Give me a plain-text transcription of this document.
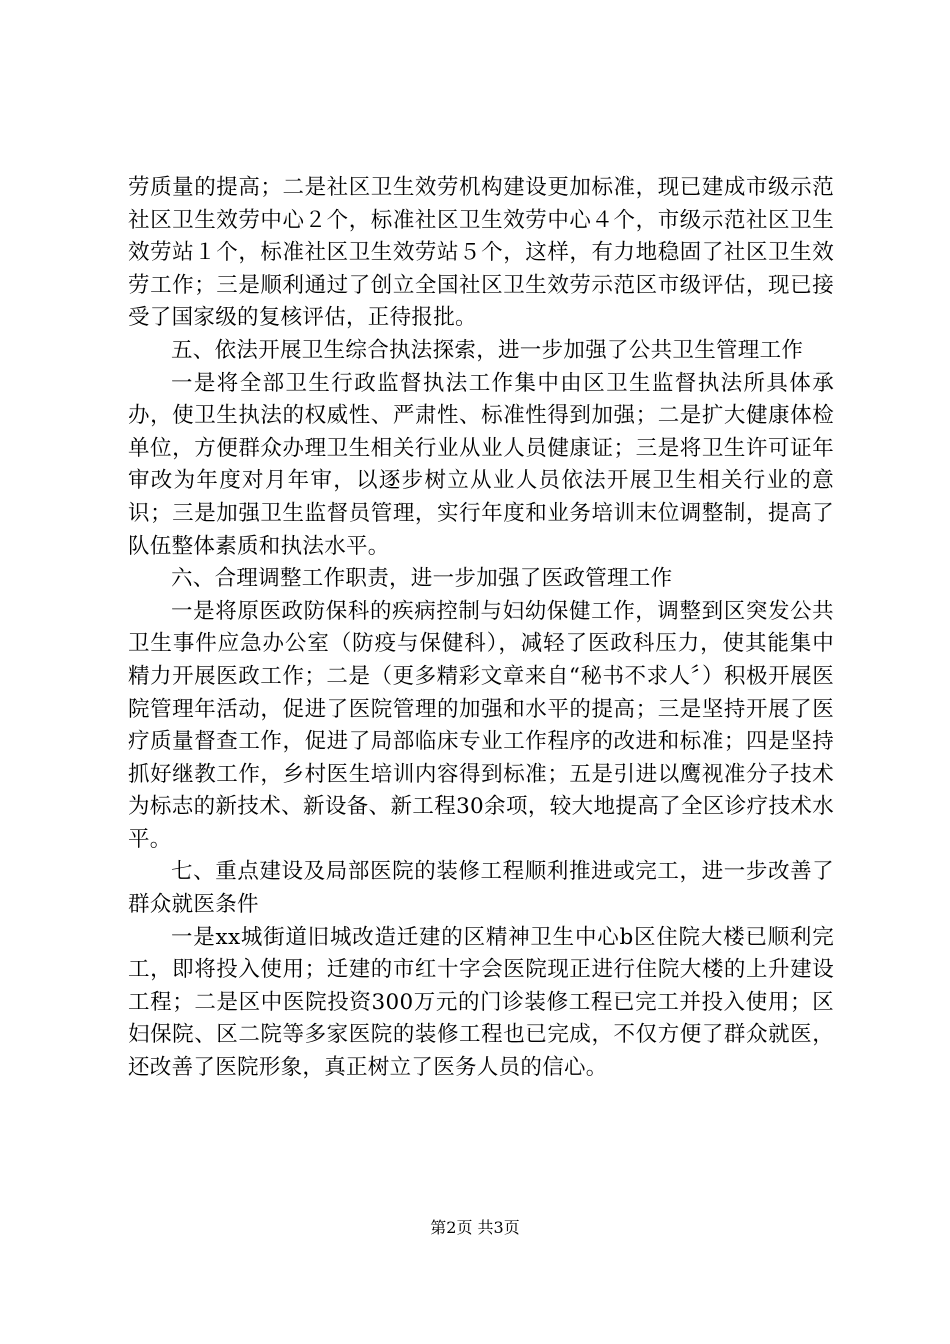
劳质量的提高；二是社区卫生效劳机构建设更加标准，现已建成市级示范社区卫生效劳中心２个，标准社区卫生效劳中心４个，市级示范社区卫生效劳站１个，标准社区卫生效劳站５个，这样，有力地稳固了社区卫生效劳工作；三是顺利通过了创立全国社区卫生效劳示范区市级评估，现已接受了国家级的复核评估，正待报批。

五、依法开展卫生综合执法探索，进一步加强了公共卫生管理工作

一是将全部卫生行政监督执法工作集中由区卫生监督执法所具体承办，使卫生执法的权威性、严肃性、标准性得到加强；二是扩大健康体检单位，方便群众办理卫生相关行业从业人员健康证；三是将卫生许可证年审改为年度对月年审，以逐步树立从业人员依法开展卫生相关行业的意识；三是加强卫生监督员管理，实行年度和业务培训末位调整制，提高了队伍整体素质和执法水平。

六、合理调整工作职责，进一步加强了医政管理工作

一是将原医政防保科的疾病控制与妇幼保健工作，调整到区突发公共卫生事件应急办公室（防疫与保健科），减轻了医政科压力，使其能集中精力开展医政工作；二是（更多精彩文章来自“秘书不求人〞）积极开展医院管理年活动，促进了医院管理的加强和水平的提高；三是坚持开展了医疗质量督查工作，促进了局部临床专业工作程序的改进和标准；四是坚持抓好继教工作，乡村医生培训内容得到标准；五是引进以鹰视准分子技术为标志的新技术、新设备、新工程30余项，较大地提高了全区诊疗技术水平。

七、重点建设及局部医院的装修工程顺利推进或完工，进一步改善了群众就医条件

一是xx城街道旧城改造迁建的区精神卫生中心b区住院大楼已顺利完工，即将投入使用；迁建的市红十字会医院现正进行住院大楼的上升建设工程；二是区中医院投资300万元的门诊装修工程已完工并投入使用；区妇保院、区二院等多家医院的装修工程也已完成，不仅方便了群众就医，还改善了医院形象，真正树立了医务人员的信心。

第2页 共3页
